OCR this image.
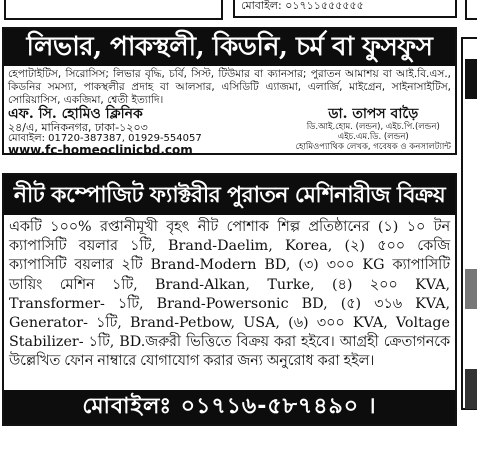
মোবাইল: ০১৭১১৫৫৫৫৫৫
লিভার, পাকস্থলী, কিডনি, চর্ম বা ফুসফুস
হেপাটাইটিস, সিরোসিস; লিভার বৃদ্ধি, চর্বি, সিস্ট, টিউমার বা ক্যানসার; পুরাতন আমাশয় বা আই.বি.এস., কিডনির সমস্যা, পাকস্থলীর প্রদাহ বা আলসার, এসিডিটি এ্যাজমা, এলার্জি, মাইগ্রেন, সাইনাসাইটিস, সোরিয়াসিস, একজিমা, শ্বেতী ইত্যাদি।
এফ. সি. হোমিও ক্লিনিক
২৪/এ, মানিকনগর, ঢাকা-১২০৩
মোবাইল: 01720-387387, 01929-554057
www.fc-homeoclinicbd.com
ডা. তাপস বাড়ৈ
ডি.আই.হোম. (লন্ডন), এইচ.পি.(লন্ডন)
এইচ.এম.ডি. (লন্ডন)
হোমিওপ্যাথিক লেখক, গবেষক ও কনসালট্যান্ট
নীট কম্পোজিট ফ্যাক্টরীর পুরাতন মেশিনারীজ বিক্রয়
একটি ১০০% রপ্তানীমূখী বৃহৎ নীট পোশাক শিল্প প্রতিষ্ঠানের (১) ১০ টন ক্যাপাসিটি বয়লার ১টি, Brand-Daelim, Korea, (২) ৫০০ কেজি ক্যাপাসিটি বয়লার ২টি Brand-Modern BD, (৩) ৩০০ KG ক্যাপাসিটি ডায়িং মেশিন ১টি, Brand-Alkan, Turke, (৪) ২০০ KVA, Transformer- ১টি, Brand-Powersonic BD, (৫) ৩১৬ KVA, Generator- ১টি, Brand-Petbow, USA, (৬) ৩০০ KVA, Voltage Stabilizer- ১টি, BD.জরুরী ভিত্তিতে বিক্রয় করা হইবে। আগ্রহী ক্রেতাগনকে উল্লেখিত ফোন নাম্বারে যোগাযোগ করার জন্য অনুরোধ করা হইল।
মোবাইলঃ ০১৭১৬-৫৮৭৪৯০ ।
